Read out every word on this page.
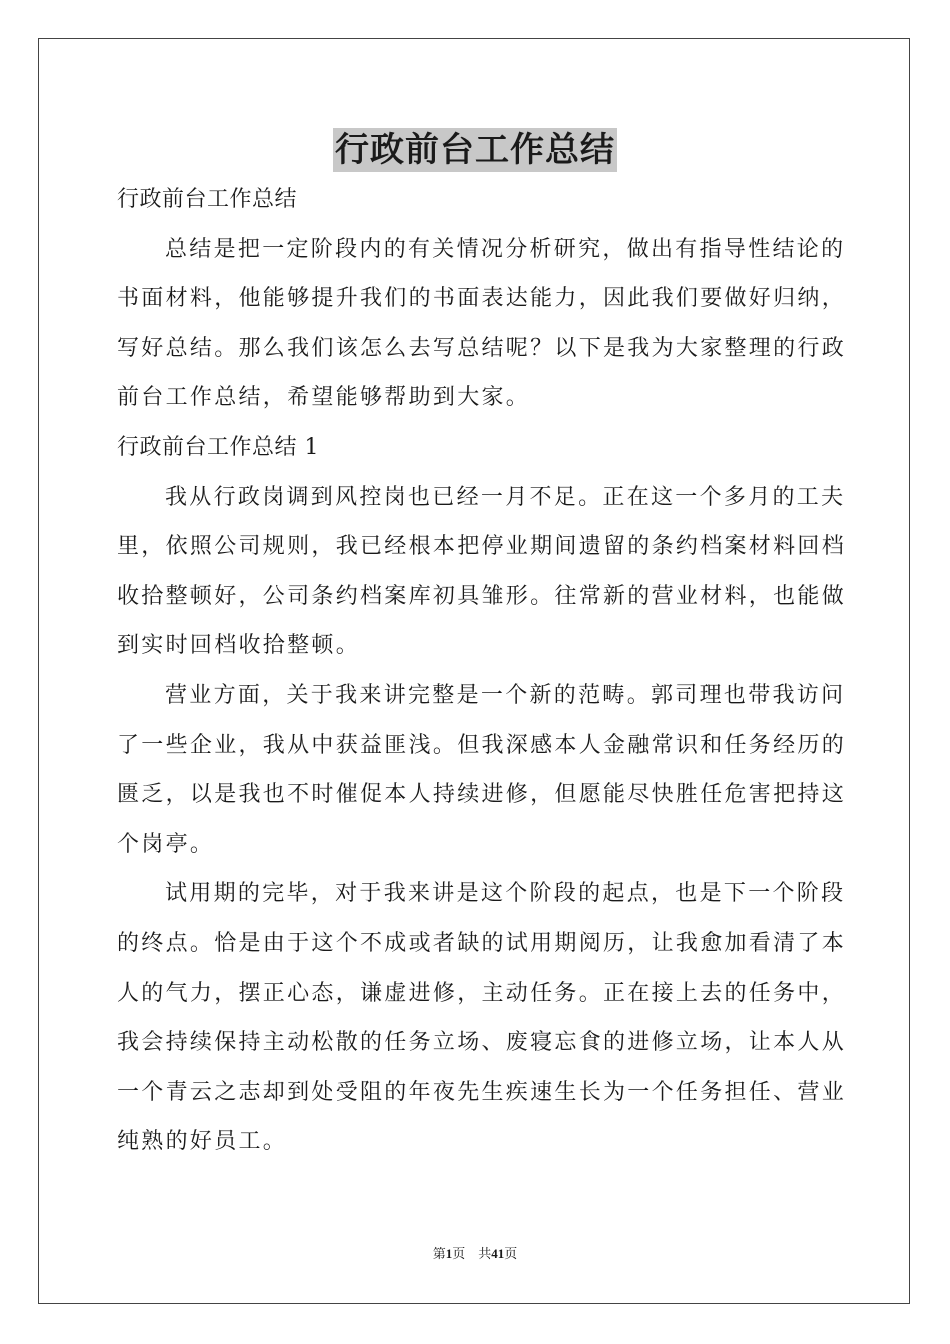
行政前台工作总结
行政前台工作总结
总结是把一定阶段内的有关情况分析研究，做出有指导性结论的
书面材料，他能够提升我们的书面表达能力，因此我们要做好归纳，
写好总结。那么我们该怎么去写总结呢？以下是我为大家整理的行政
前台工作总结，希望能够帮助到大家。
行政前台工作总结 1
我从行政岗调到风控岗也已经一月不足。正在这一个多月的工夫
里，依照公司规则，我已经根本把停业期间遗留的条约档案材料回档
收拾整顿好，公司条约档案库初具雏形。往常新的营业材料，也能做
到实时回档收拾整顿。
营业方面，关于我来讲完整是一个新的范畴。郭司理也带我访问
了一些企业，我从中获益匪浅。但我深感本人金融常识和任务经历的
匮乏，以是我也不时催促本人持续进修，但愿能尽快胜任危害把持这
个岗亭。
试用期的完毕，对于我来讲是这个阶段的起点，也是下一个阶段
的终点。恰是由于这个不成或者缺的试用期阅历，让我愈加看清了本
人的气力，摆正心态，谦虚进修，主动任务。正在接上去的任务中，
我会持续保持主动松散的任务立场、废寝忘食的进修立场，让本人从
一个青云之志却到处受阻的年夜先生疾速生长为一个任务担任、营业
纯熟的好员工。
第1页 共41页
